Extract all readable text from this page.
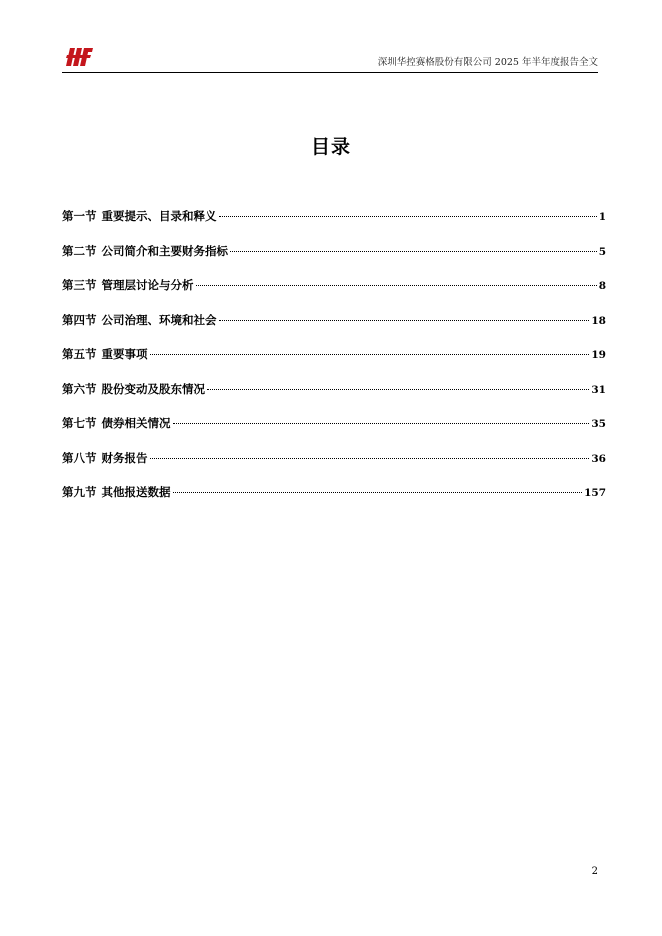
深圳华控赛格股份有限公司 2025 年半年度报告全文
目录
第一节 重要提示、目录和释义	1
第二节 公司简介和主要财务指标	5
第三节 管理层讨论与分析	8
第四节 公司治理、环境和社会	18
第五节 重要事项	19
第六节 股份变动及股东情况	31
第七节 债券相关情况	35
第八节 财务报告	36
第九节 其他报送数据	157
2
